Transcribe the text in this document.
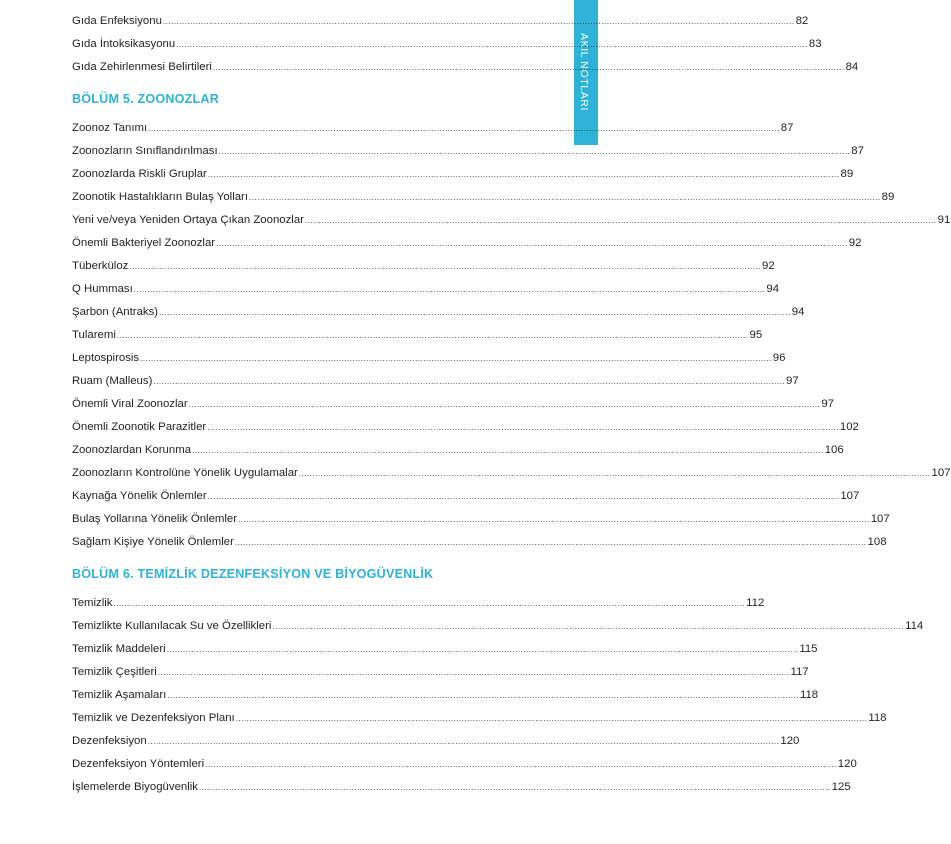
AKIL NOTLARI
Gıda Enfeksiyonu ........................................................................................................................................................................................................................................ 82
Gıda İntoksikasyonu ........................................................................................................................................................................................................................................ 83
Gıda Zehirlenmesi Belirtileri ........................................................................................................................................................................................................................................ 84
BÖLÜM 5. ZOONOZLAR
Zoonoz Tanımı ........................................................................................................................................................................................................................................ 87
Zoonozların Sınıflandırılması ........................................................................................................................................................................................................................................ 87
Zoonozlarda Riskli Gruplar ........................................................................................................................................................................................................................................ 89
Zoonotik Hastalıkların Bulaş Yolları ........................................................................................................................................................................................................................................ 89
Yeni ve/veya Yeniden Ortaya Çıkan Zoonozlar ........................................................................................................................................................................................................................................ 91
Önemli Bakteriyel Zoonozlar ........................................................................................................................................................................................................................................ 92
Tüberküloz ........................................................................................................................................................................................................................................ 92
Q Humması ........................................................................................................................................................................................................................................ 94
Şarbon (Antraks) ........................................................................................................................................................................................................................................ 94
Tularemi ........................................................................................................................................................................................................................................ 95
Leptospirosis ........................................................................................................................................................................................................................................ 96
Ruam (Malleus) ........................................................................................................................................................................................................................................ 97
Önemli Viral Zoonozlar ........................................................................................................................................................................................................................................ 97
Önemli Zoonotik Parazitler ........................................................................................................................................................................................................................................ 102
Zoonozlardan Korunma ........................................................................................................................................................................................................................................ 106
Zoonozların Kontrolüne Yönelik Uygulamalar ........................................................................................................................................................................................................................................ 107
Kaynağa Yönelik Önlemler ........................................................................................................................................................................................................................................ 107
Bulaş Yollarına Yönelik Önlemler ........................................................................................................................................................................................................................................ 107
Sağlam Kişiye Yönelik Önlemler ........................................................................................................................................................................................................................................ 108
BÖLÜM 6. TEMİZLİK DEZENFEKSİYON VE BİYOGÜVENLİK
Temizlik ........................................................................................................................................................................................................................................ 112
Temizlikte Kullanılacak Su ve Özellikleri ........................................................................................................................................................................................................................................ 114
Temizlik Maddeleri ........................................................................................................................................................................................................................................ 115
Temizlik Çeşitleri ........................................................................................................................................................................................................................................ 117
Temizlik Aşamaları ........................................................................................................................................................................................................................................ 118
Temizlik ve Dezenfeksiyon Planı ........................................................................................................................................................................................................................................ 118
Dezenfeksiyon ........................................................................................................................................................................................................................................ 120
Dezenfeksiyon Yöntemleri ........................................................................................................................................................................................................................................ 120
İşlemelerde Biyogüvenlik ........................................................................................................................................................................................................................................ 125
